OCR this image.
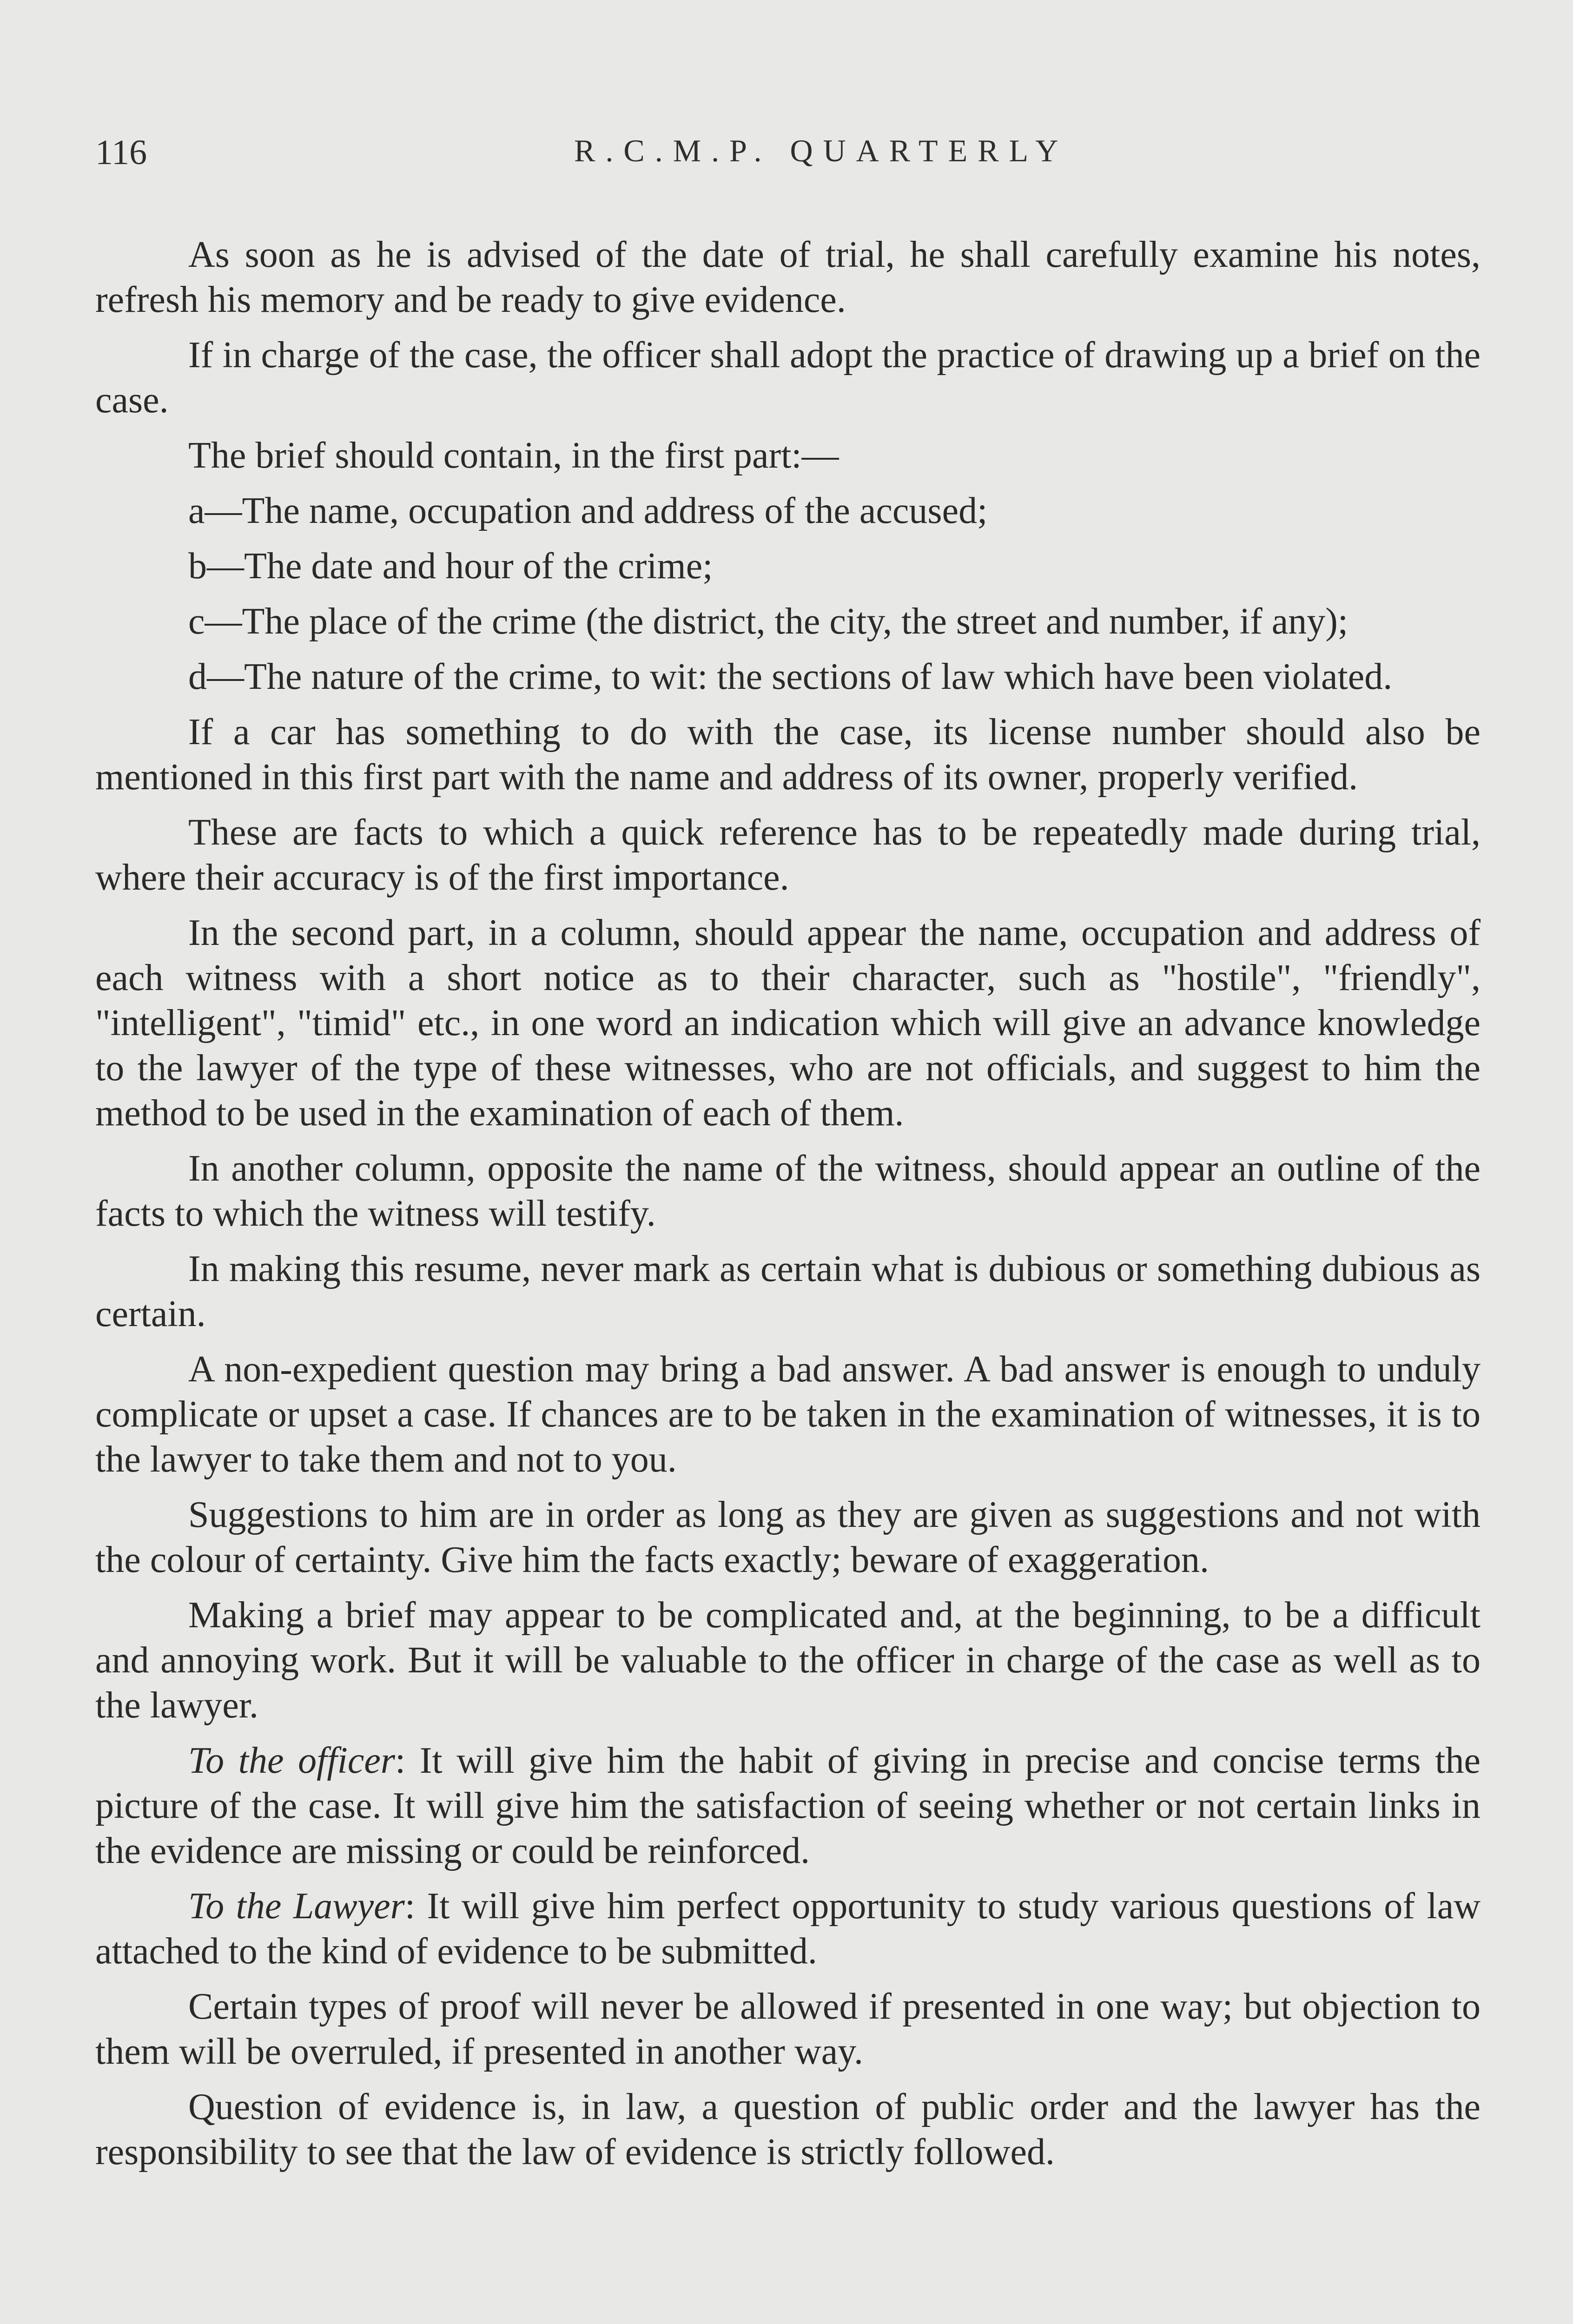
116	R.C.M.P. QUARTERLY

As soon as he is advised of the date of trial, he shall carefully examine his notes, refresh his memory and be ready to give evidence.

If in charge of the case, the officer shall adopt the practice of drawing up a brief on the case.

The brief should contain, in the first part:—

a—The name, occupation and address of the accused;

b—The date and hour of the crime;

c—The place of the crime (the district, the city, the street and number, if any);

d—The nature of the crime, to wit: the sections of law which have been violated.

If a car has something to do with the case, its license number should also be mentioned in this first part with the name and address of its owner, properly verified.

These are facts to which a quick reference has to be repeatedly made during trial, where their accuracy is of the first importance.

In the second part, in a column, should appear the name, occupation and address of each witness with a short notice as to their character, such as "hostile", "friendly", "intelligent", "timid" etc., in one word an indication which will give an advance knowledge to the lawyer of the type of these witnesses, who are not officials, and suggest to him the method to be used in the examination of each of them.

In another column, opposite the name of the witness, should appear an outline of the facts to which the witness will testify.

In making this resume, never mark as certain what is dubious or something dubious as certain.

A non-expedient question may bring a bad answer. A bad answer is enough to unduly complicate or upset a case. If chances are to be taken in the examination of witnesses, it is to the lawyer to take them and not to you.

Suggestions to him are in order as long as they are given as suggestions and not with the colour of certainty. Give him the facts exactly; beware of exaggeration.

Making a brief may appear to be complicated and, at the beginning, to be a difficult and annoying work. But it will be valuable to the officer in charge of the case as well as to the lawyer.

To the officer: It will give him the habit of giving in precise and concise terms the picture of the case. It will give him the satisfaction of seeing whether or not certain links in the evidence are missing or could be reinforced.

To the Lawyer: It will give him perfect opportunity to study various questions of law attached to the kind of evidence to be submitted.

Certain types of proof will never be allowed if presented in one way; but objection to them will be overruled, if presented in another way.

Question of evidence is, in law, a question of public order and the lawyer has the responsibility to see that the law of evidence is strictly followed.
